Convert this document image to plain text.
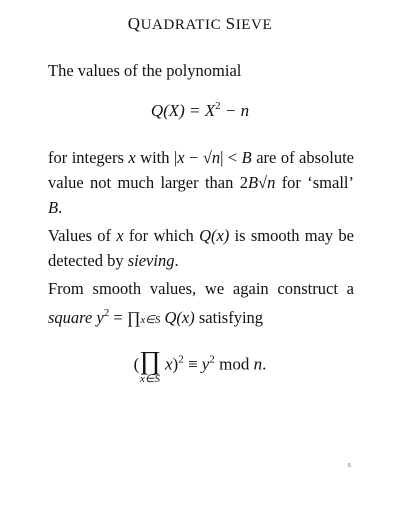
QUADRATIC SIEVE
The values of the polynomial
$Q(X) = X^2 - n$
for integers x with |x − √n| < B are of absolute value not much larger than 2B√n for ‘small’ B.
Values of x for which Q(x) is smooth may be detected by sieving.
From smooth values, we again construct a square $y^2$ = ∏x∈S Q(x) satisfying
(∏
x∈S
$x)^2 \equiv y^2$ mod n.
5
